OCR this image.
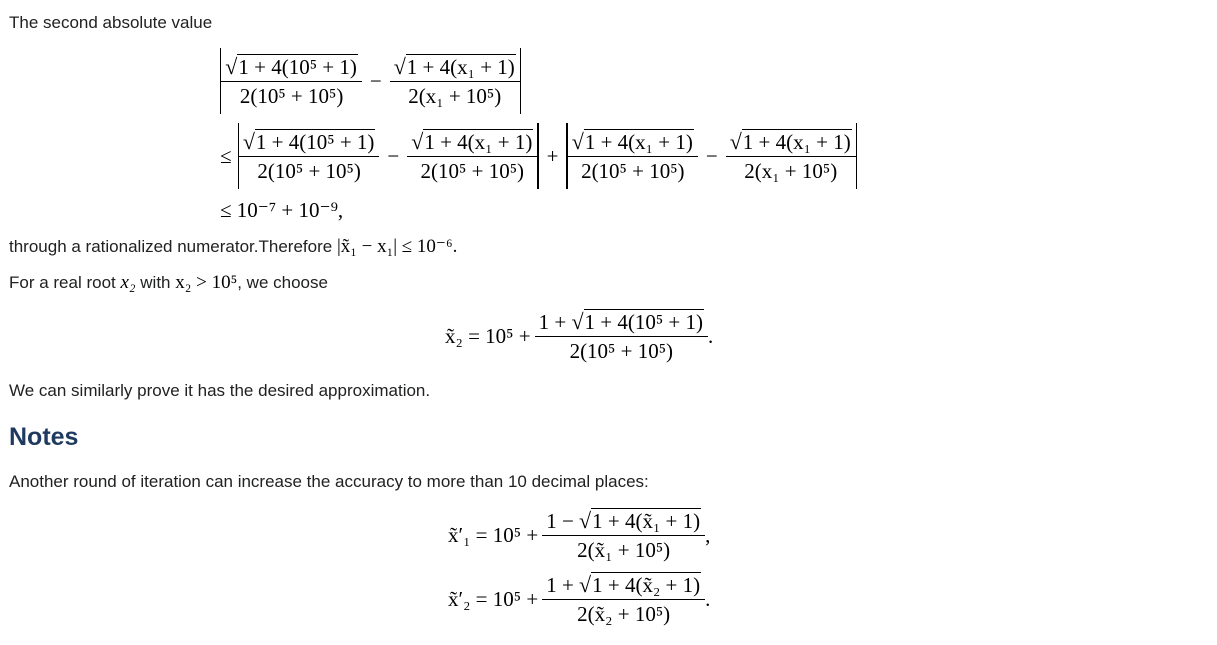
The second absolute value
$\frac{\text{√ 1 + 4(10⁵ + 1)}}{\text{2(10⁵ + 10⁵)}} - \frac{\text{√ 1 + 4(x₁ + 1)}}{\text{2(x₁ + 10⁵)}}$
≤ $\frac{\text{√ 1 + 4(10⁵ + 1)}}{\text{2(10⁵ + 10⁵)}} - \frac{\text{√ 1 + 4(x₁ + 1)}}{\text{2(10⁵ + 10⁵)}} + \frac{\text{√ 1 + 4(x₁ + 1)}}{\text{2(10⁵ + 10⁵)}} - \frac{\text{√ 1 + 4(x₁ + 1)}}{\text{2(x₁ + 10⁵)}}$
≤ 10⁻⁷ + 10⁻⁹,
through a rationalized numerator.Therefore |x̃₁ − x₁| ≤ 10⁻⁶.
For a real root x₂ with x₂ > 10⁵, we choose
x̃₂ = $10^5 + \frac{\text{1 + √ 1 + 4(10⁵ + 1)}}{\text{2(10⁵ + 10⁵)}}$ .
We can similarly prove it has the desired approximation.
Notes
Another round of iteration can increase the accuracy to more than 10 decimal places:
x̃′₁ = $10^5 + \frac{\text{1 − √ 1 + 4(x̃₁ + 1)}}{\text{2(x̃₁ + 10⁵)}}$ ,
x̃′₂ = $10^5 + \frac{\text{1 + √ 1 + 4(x̃₂ + 1)}}{\text{2(x̃₂ + 10⁵)}}$ .
